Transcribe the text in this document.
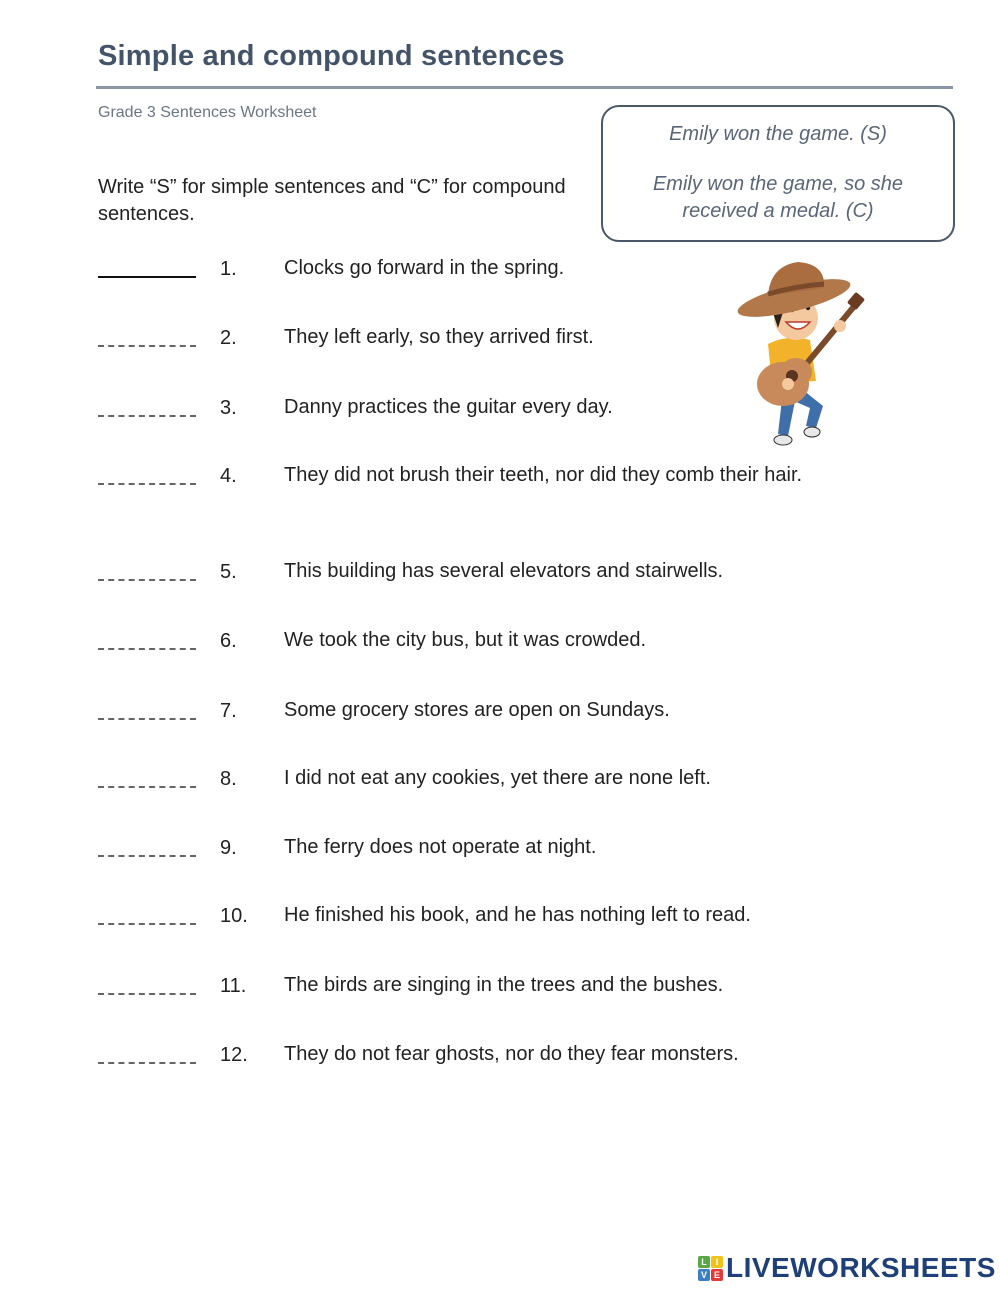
Simple and compound sentences
Grade 3 Sentences Worksheet
Write “S” for simple sentences and “C” for compound sentences.
Emily won the game. (S)
Emily won the game, so she
received a medal. (C)
1. Clocks go forward in the spring.
2. They left early, so they arrived first.
3. Danny practices the guitar every day.
4. They did not brush their teeth, nor did they comb their hair.
5. This building has several elevators and stairwells.
6. We took the city bus, but it was crowded.
7. Some grocery stores are open on Sundays.
8. I did not eat any cookies, yet there are none left.
9. The ferry does not operate at night.
10. He finished his book, and he has nothing left to read.
11. The birds are singing in the trees and the bushes.
12. They do not fear ghosts, nor do they fear monsters.
L I
V E LIVEWORKSHEETS
